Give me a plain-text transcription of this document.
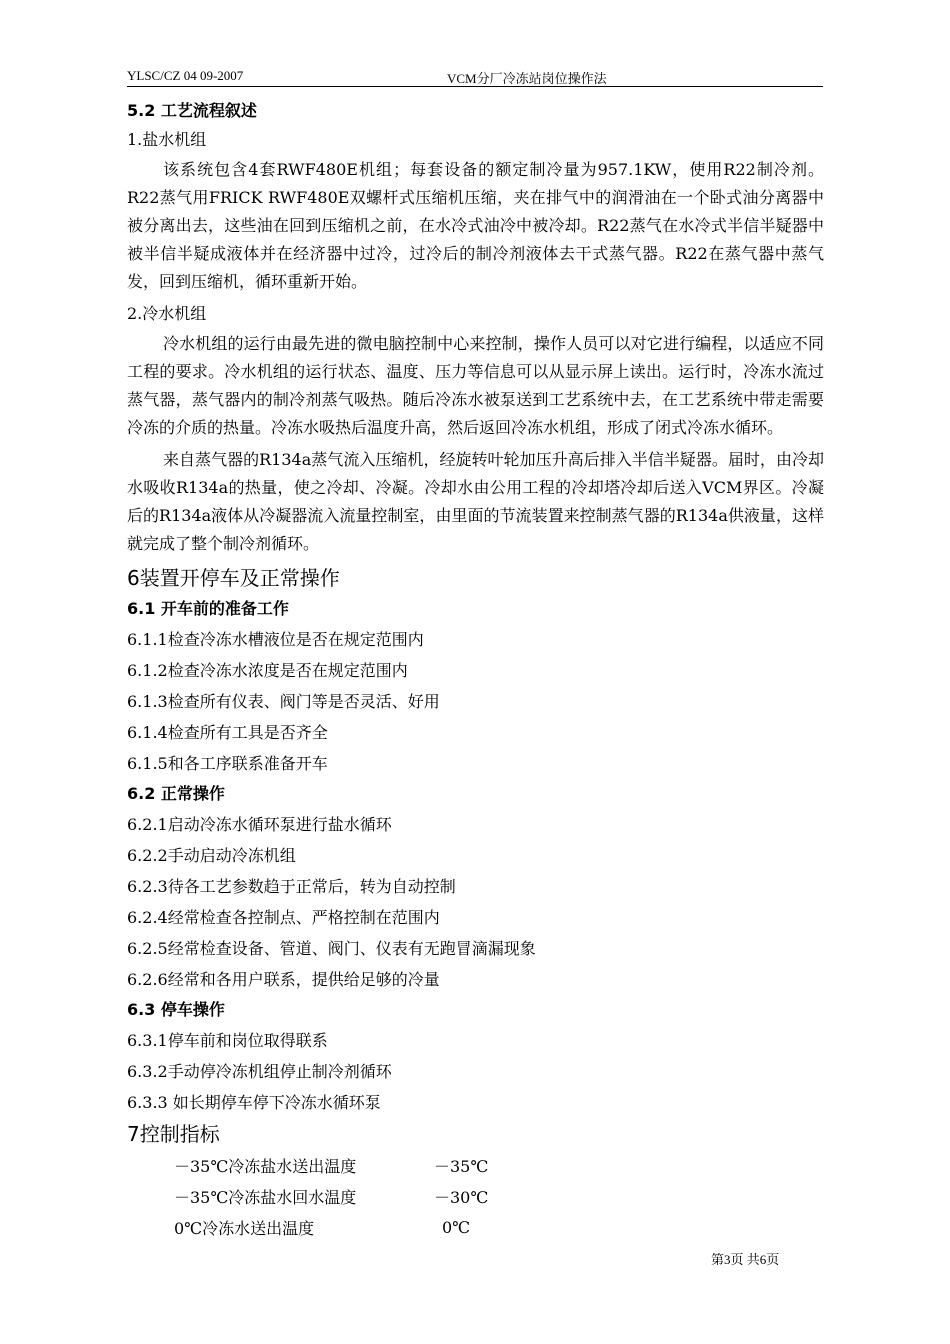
YLSC/CZ 04 09-2007	VCM分厂冷冻站岗位操作法

5.2 工艺流程叙述

1.盐水机组

该系统包含4套RWF480E机组；每套设备的额定制冷量为957.1KW，使用R22制冷剂。R22蒸气用FRICK RWF480E双螺杆式压缩机压缩，夹在排气中的润滑油在一个卧式油分离器中被分离出去，这些油在回到压缩机之前，在水冷式油冷中被冷却。R22蒸气在水冷式半信半疑器中被半信半疑成液体并在经济器中过冷，过冷后的制冷剂液体去干式蒸气器。R22在蒸气器中蒸气发，回到压缩机，循环重新开始。

2.冷水机组

冷水机组的运行由最先进的微电脑控制中心来控制，操作人员可以对它进行编程，以适应不同工程的要求。冷水机组的运行状态、温度、压力等信息可以从显示屏上读出。运行时，冷冻水流过蒸气器，蒸气器内的制冷剂蒸气吸热。随后冷冻水被泵送到工艺系统中去，在工艺系统中带走需要冷冻的介质的热量。冷冻水吸热后温度升高，然后返回冷冻水机组，形成了闭式冷冻水循环。

来自蒸气器的R134a蒸气流入压缩机，经旋转叶轮加压升高后排入半信半疑器。届时，由冷却水吸收R134a的热量，使之冷却、冷凝。冷却水由公用工程的冷却塔冷却后送入VCM界区。冷凝后的R134a液体从冷凝器流入流量控制室，由里面的节流装置来控制蒸气器的R134a供液量，这样就完成了整个制冷剂循环。

6装置开停车及正常操作

6.1 开车前的准备工作

6.1.1检查冷冻水槽液位是否在规定范围内

6.1.2检查冷冻水浓度是否在规定范围内

6.1.3检查所有仪表、阀门等是否灵活、好用

6.1.4检查所有工具是否齐全

6.1.5和各工序联系准备开车

6.2 正常操作

6.2.1启动冷冻水循环泵进行盐水循环

6.2.2手动启动冷冻机组

6.2.3待各工艺参数趋于正常后，转为自动控制

6.2.4经常检查各控制点、严格控制在范围内

6.2.5经常检查设备、管道、阀门、仪表有无跑冒滴漏现象

6.2.6经常和各用户联系，提供给足够的冷量

6.3 停车操作

6.3.1停车前和岗位取得联系

6.3.2手动停冷冻机组停止制冷剂循环

6.3.3 如长期停车停下冷冻水循环泵

7控制指标

－35℃冷冻盐水送出温度	－35℃
－35℃冷冻盐水回水温度	－30℃
0℃冷冻水送出温度	0℃
第3页 共6页
